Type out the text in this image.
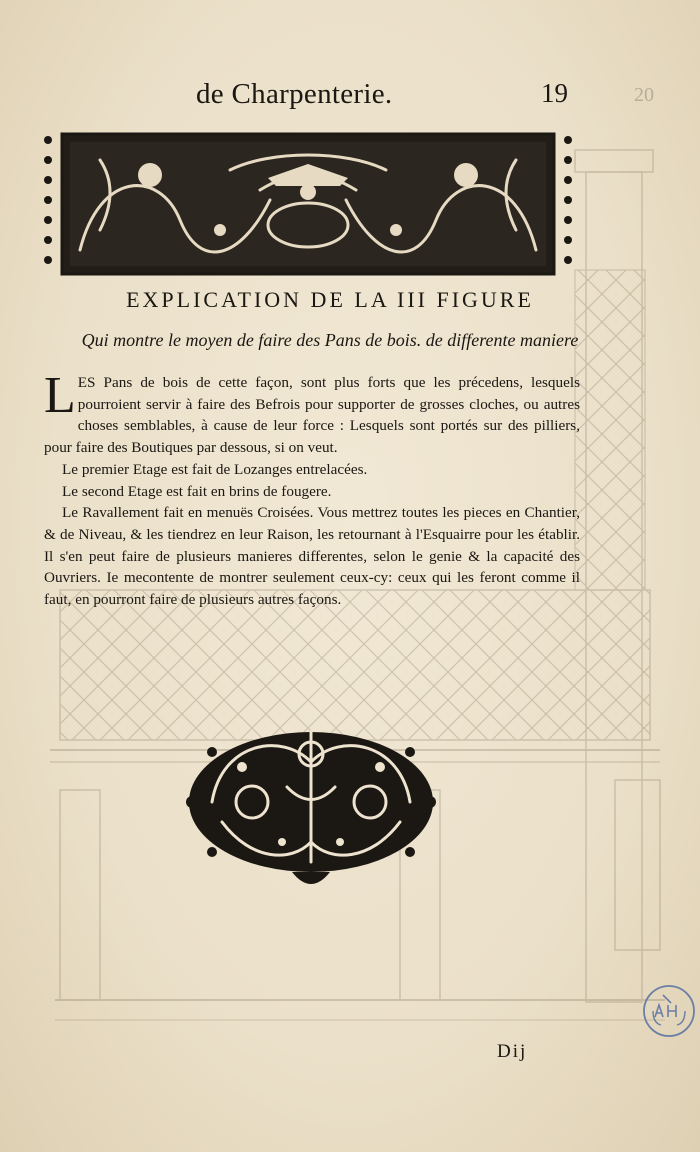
20
de Charpenterie.	19
EXPLICATION DE LA III FIGURE
Qui montre le moyen de faire des Pans de bois. de differente maniere

LES Pans de bois de cette façon, sont plus forts que les précedens, lesquels pourroient servir à faire des Befrois pour supporter de grosses cloches, ou autres choses semblables, à cause de leur force : Lesquels sont portés sur des pilliers, pour faire des Boutiques par dessous, si on veut.

Le premier Etage est fait de Lozanges entrelacées.

Le second Etage est fait en brins de fougere.

Le Ravallement fait en menuës Croisées. Vous mettrez toutes les pieces en Chantier, & de Niveau, & les tiendrez en leur Raison, les retournant à l'Esquairre pour les établir. Il s'en peut faire de plusieurs manieres differentes, selon le genie & la capacité des Ouvriers. Ie mecontente de montrer seulement ceux-cy: ceux qui les feront comme il faut, en pourront faire de plusieurs autres façons.

Dij
